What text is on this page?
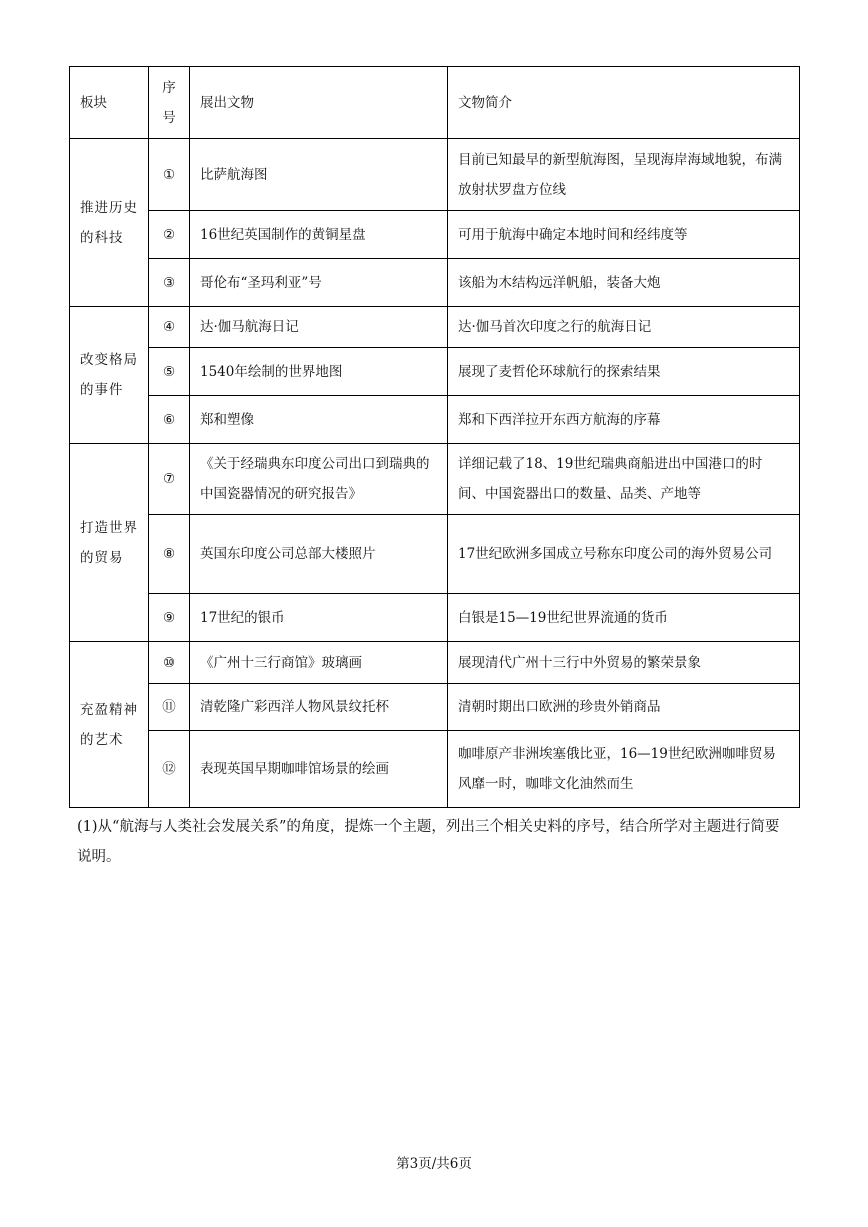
板块	序号	展出文物	文物简介
推进历史的科技	①	比萨航海图	目前已知最早的新型航海图，呈现海岸海域地貌，布满放射状罗盘方位线
	②	16世纪英国制作的黄铜星盘	可用于航海中确定本地时间和经纬度等
	③	哥伦布“圣玛利亚”号	该船为木结构远洋帆船，装备大炮
改变格局的事件	④	达·伽马航海日记	达·伽马首次印度之行的航海日记
	⑤	1540年绘制的世界地图	展现了麦哲伦环球航行的探索结果
	⑥	郑和塑像	郑和下西洋拉开东西方航海的序幕
打造世界的贸易	⑦	《关于经瑞典东印度公司出口到瑞典的中国瓷器情况的研究报告》	详细记载了18、19世纪瑞典商船进出中国港口的时间、中国瓷器出口的数量、品类、产地等
	⑧	英国东印度公司总部大楼照片	17世纪欧洲多国成立号称东印度公司的海外贸易公司
	⑨	17世纪的银币	白银是15—19世纪世界流通的货币
充盈精神的艺术	⑩	《广州十三行商馆》玻璃画	展现清代广州十三行中外贸易的繁荣景象
	⑪	清乾隆广彩西洋人物风景纹托杯	清朝时期出口欧洲的珍贵外销商品
	⑫	表现英国早期咖啡馆场景的绘画	咖啡原产非洲埃塞俄比亚，16—19世纪欧洲咖啡贸易风靡一时，咖啡文化油然而生

(1)从“航海与人类社会发展关系”的角度，提炼一个主题，列出三个相关史料的序号，结合所学对主题进行简要说明。

第3页/共6页
